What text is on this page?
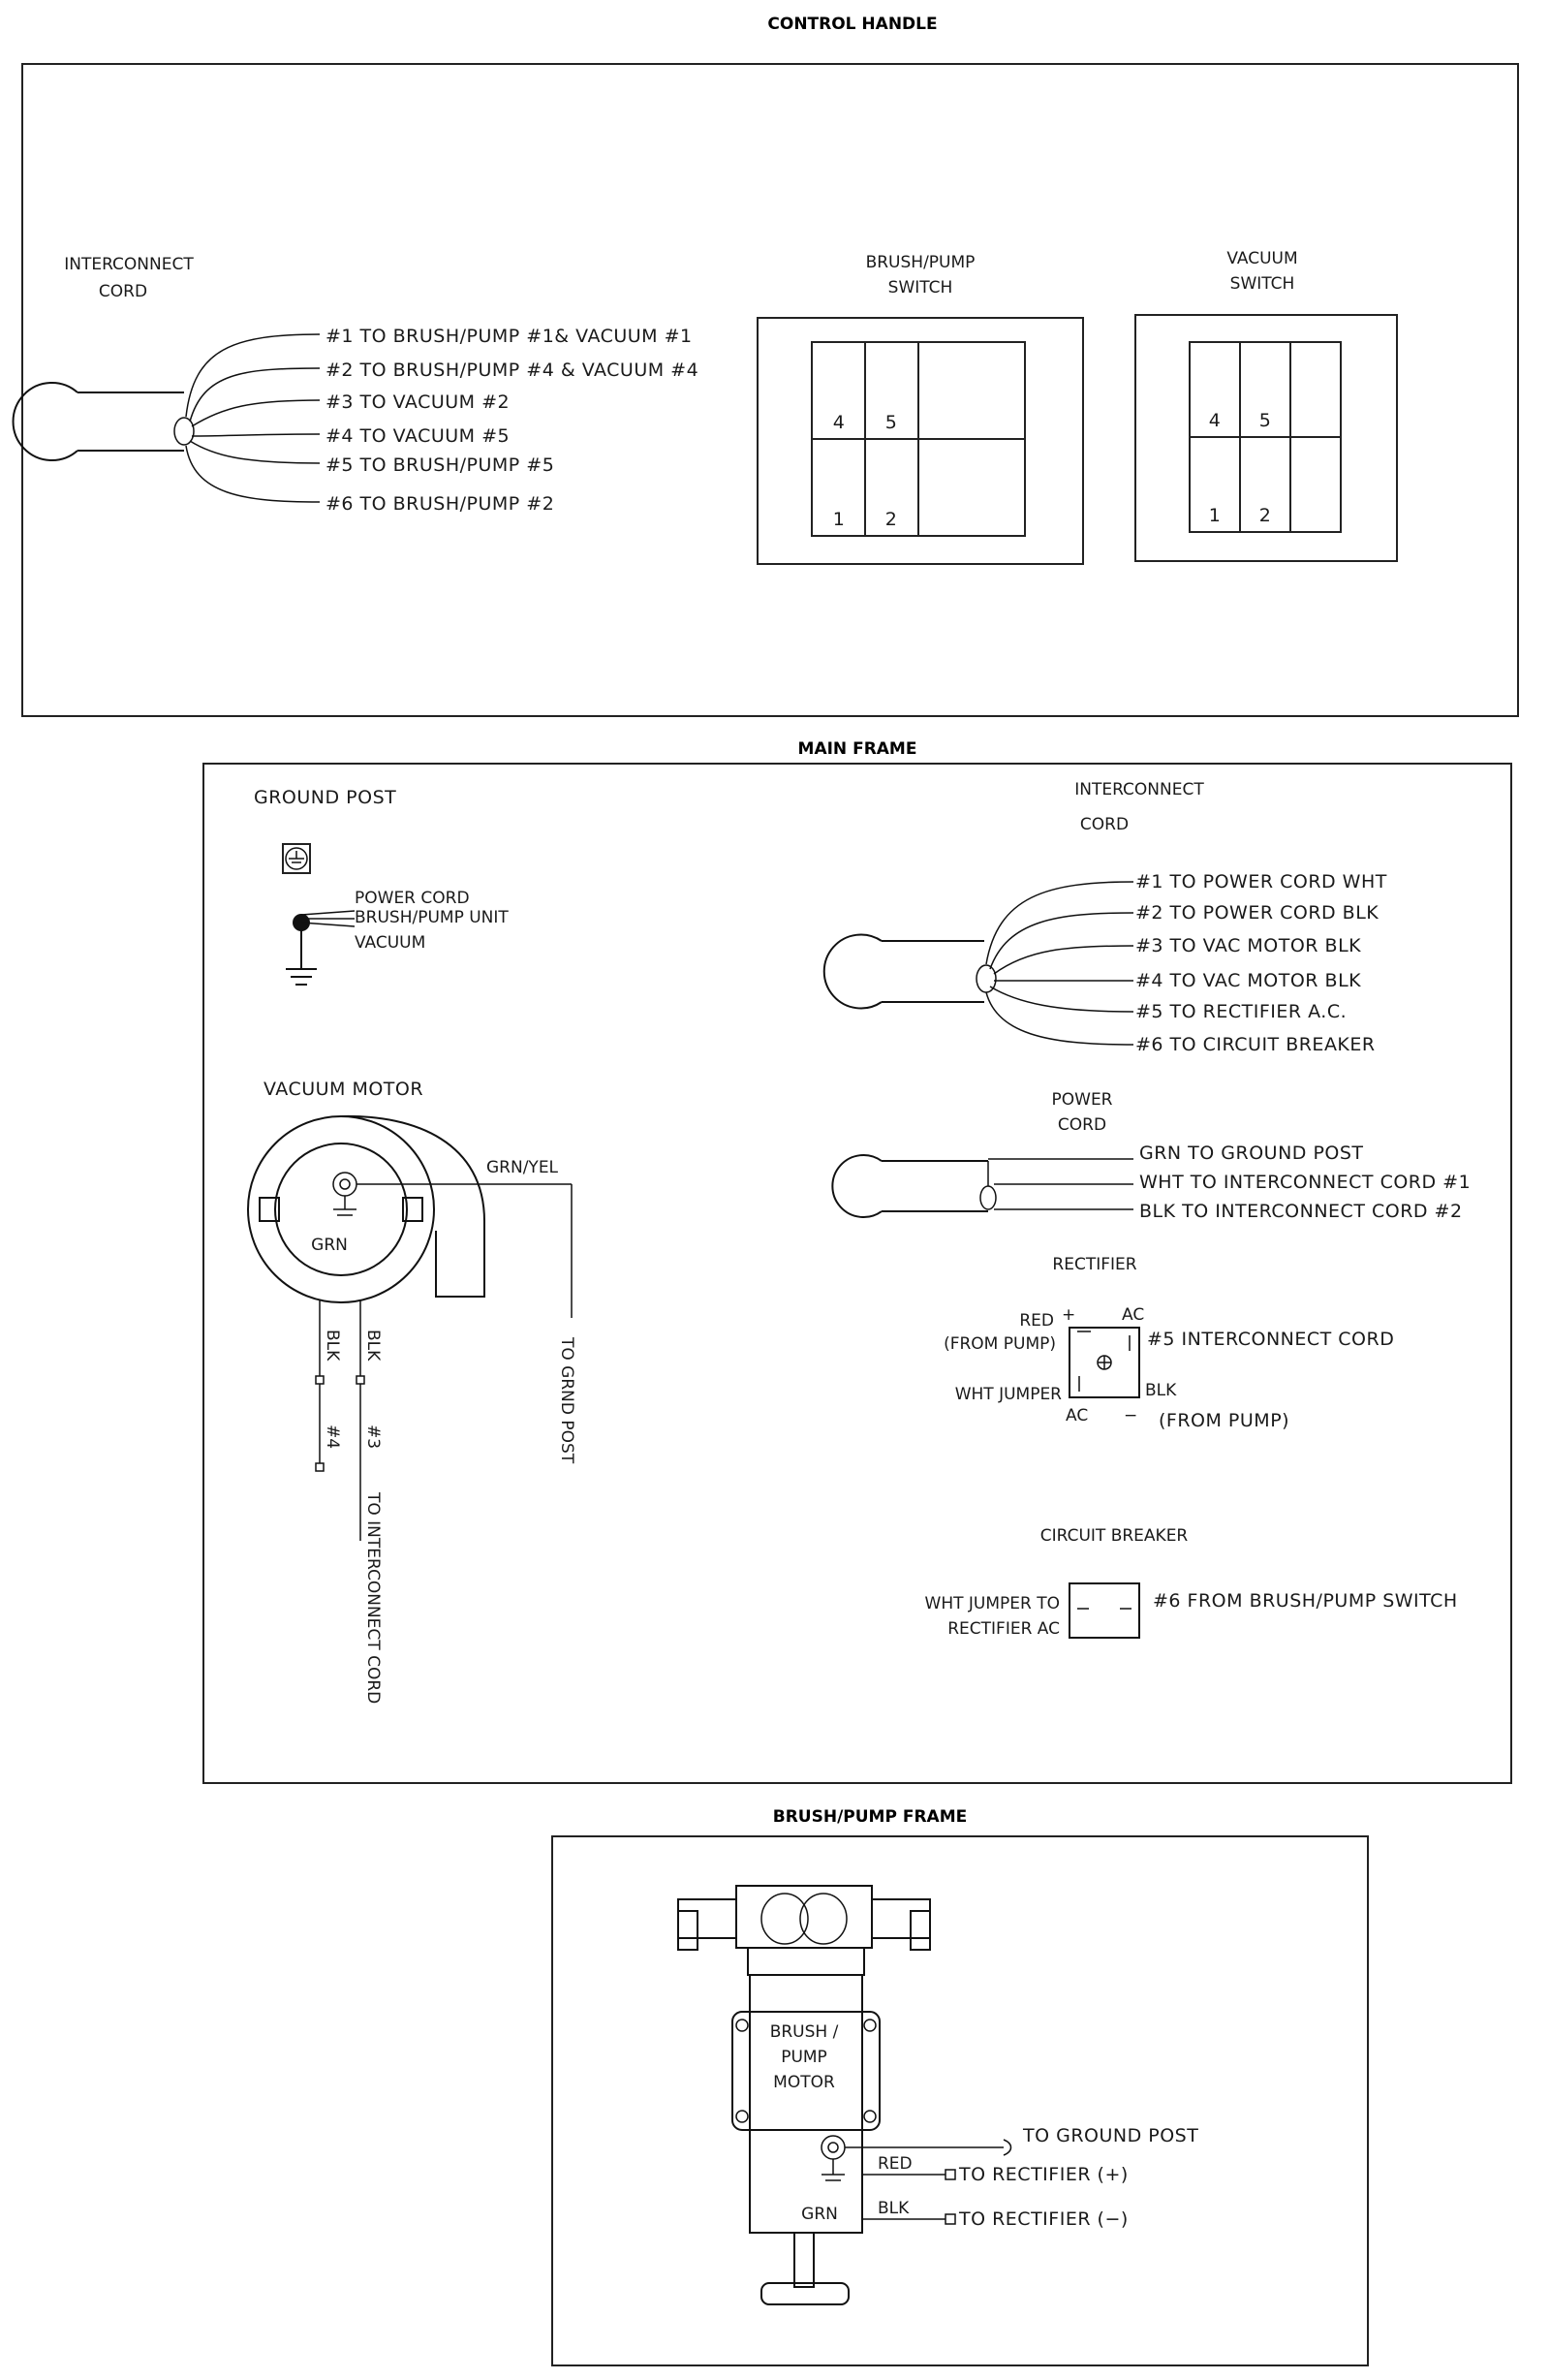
CONTROL HANDLE
INTERCONNECT
CORD
#1 TO BRUSH/PUMP #1& VACUUM #1
#2 TO BRUSH/PUMP #4 & VACUUM #4
#3 TO VACUUM #2
#4 TO VACUUM #5
#5 TO BRUSH/PUMP #5
#6 TO BRUSH/PUMP #2
BRUSH/PUMP
SWITCH
4 5
1 2
VACUUM
SWITCH
4 5
1 2
MAIN FRAME
GROUND POST
POWER CORD
BRUSH/PUMP UNIT
VACUUM
INTERCONNECT
CORD
#1 TO POWER CORD WHT
#2 TO POWER CORD BLK
#3 TO VAC MOTOR BLK
#4 TO VAC MOTOR BLK
#5 TO RECTIFIER A.C.
#6 TO CIRCUIT BREAKER
VACUUM MOTOR
GRN
GRN/YEL
TO GRND POST
BLK BLK
#4 #3
TO INTERCONNECT CORD
POWER
CORD
GRN TO GROUND POST
WHT TO INTERCONNECT CORD #1
BLK TO INTERCONNECT CORD #2
RECTIFIER
RED +	AC
(FROM PUMP)	#5 INTERCONNECT CORD
WHT JUMPER	BLK
AC − (FROM PUMP)
CIRCUIT BREAKER
WHT JUMPER TO
RECTIFIER AC
#6 FROM BRUSH/PUMP SWITCH
BRUSH/PUMP FRAME
BRUSH /
PUMP
MOTOR
TO GROUND POST
RED
BLK
GRN
TO RECTIFIER (+)
TO RECTIFIER (−)
